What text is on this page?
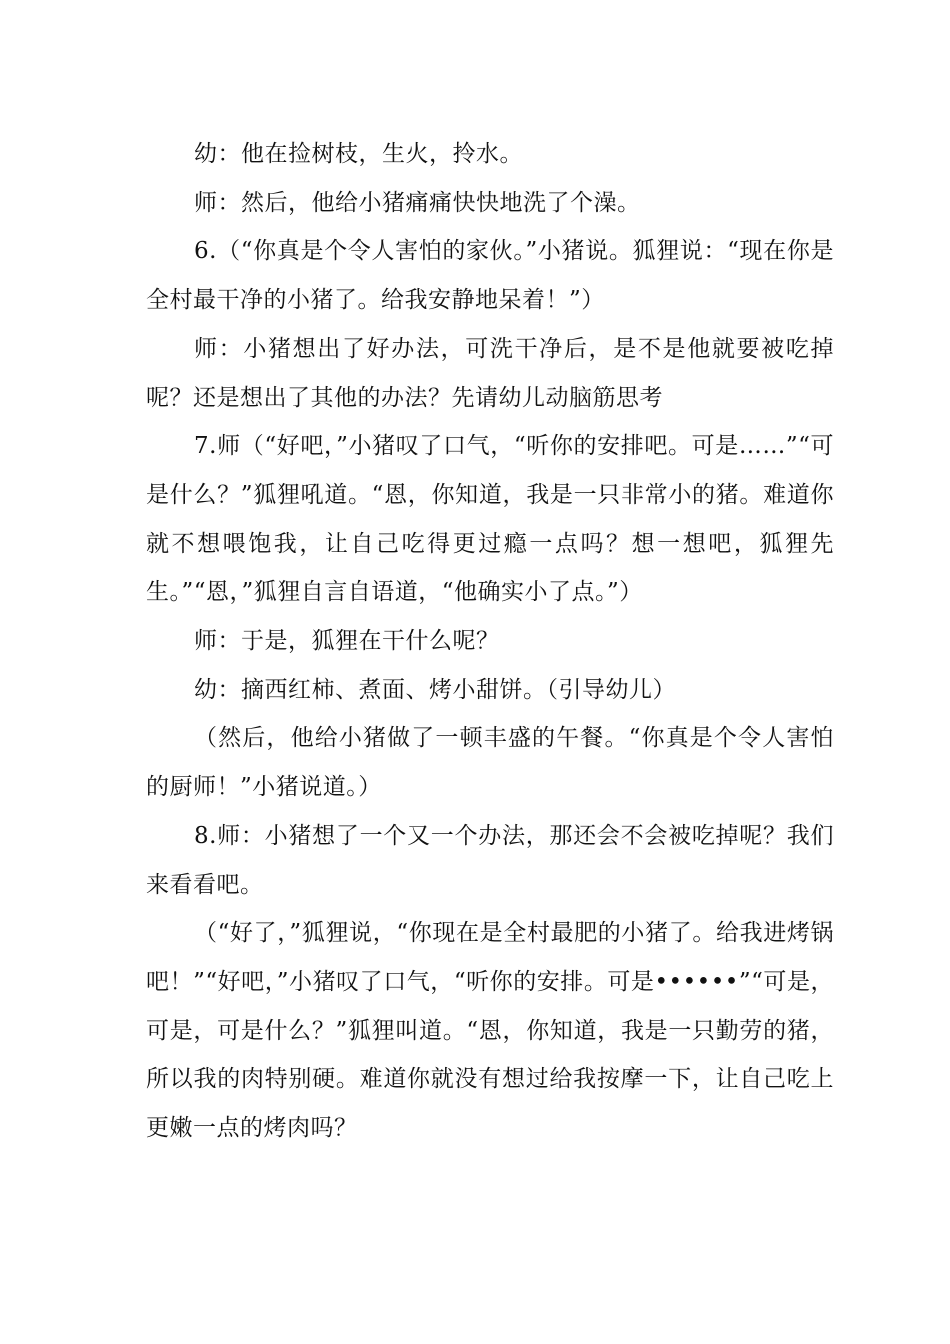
幼：他在捡树枝，生火，拎水。

师：然后，他给小猪痛痛快快地洗了个澡。

6.（“你真是个令人害怕的家伙。”小猪说。狐狸说：“现在你是全村最干净的小猪了。给我安静地呆着！”）

师：小猪想出了好办法，可洗干净后，是不是他就要被吃掉呢？还是想出了其他的办法？先请幼儿动脑筋思考

7.师（“好吧，”小猪叹了口气，“听你的安排吧。可是……”“可是什么？”狐狸吼道。“恩，你知道，我是一只非常小的猪。难道你就不想喂饱我，让自己吃得更过瘾一点吗？想一想吧，狐狸先生。”“恩，”狐狸自言自语道，“他确实小了点。”）

师：于是，狐狸在干什么呢？

幼：摘西红柿、煮面、烤小甜饼。（引导幼儿）

（然后，他给小猪做了一顿丰盛的午餐。“你真是个令人害怕的厨师！”小猪说道。）

8.师：小猪想了一个又一个办法，那还会不会被吃掉呢？我们来看看吧。

（“好了，”狐狸说，“你现在是全村最肥的小猪了。给我进烤锅吧！”“好吧，”小猪叹了口气，“听你的安排。可是••••••”“可是，可是，可是什么？”狐狸叫道。“恩，你知道，我是一只勤劳的猪，所以我的肉特别硬。难道你就没有想过给我按摩一下，让自己吃上更嫩一点的烤肉吗？
